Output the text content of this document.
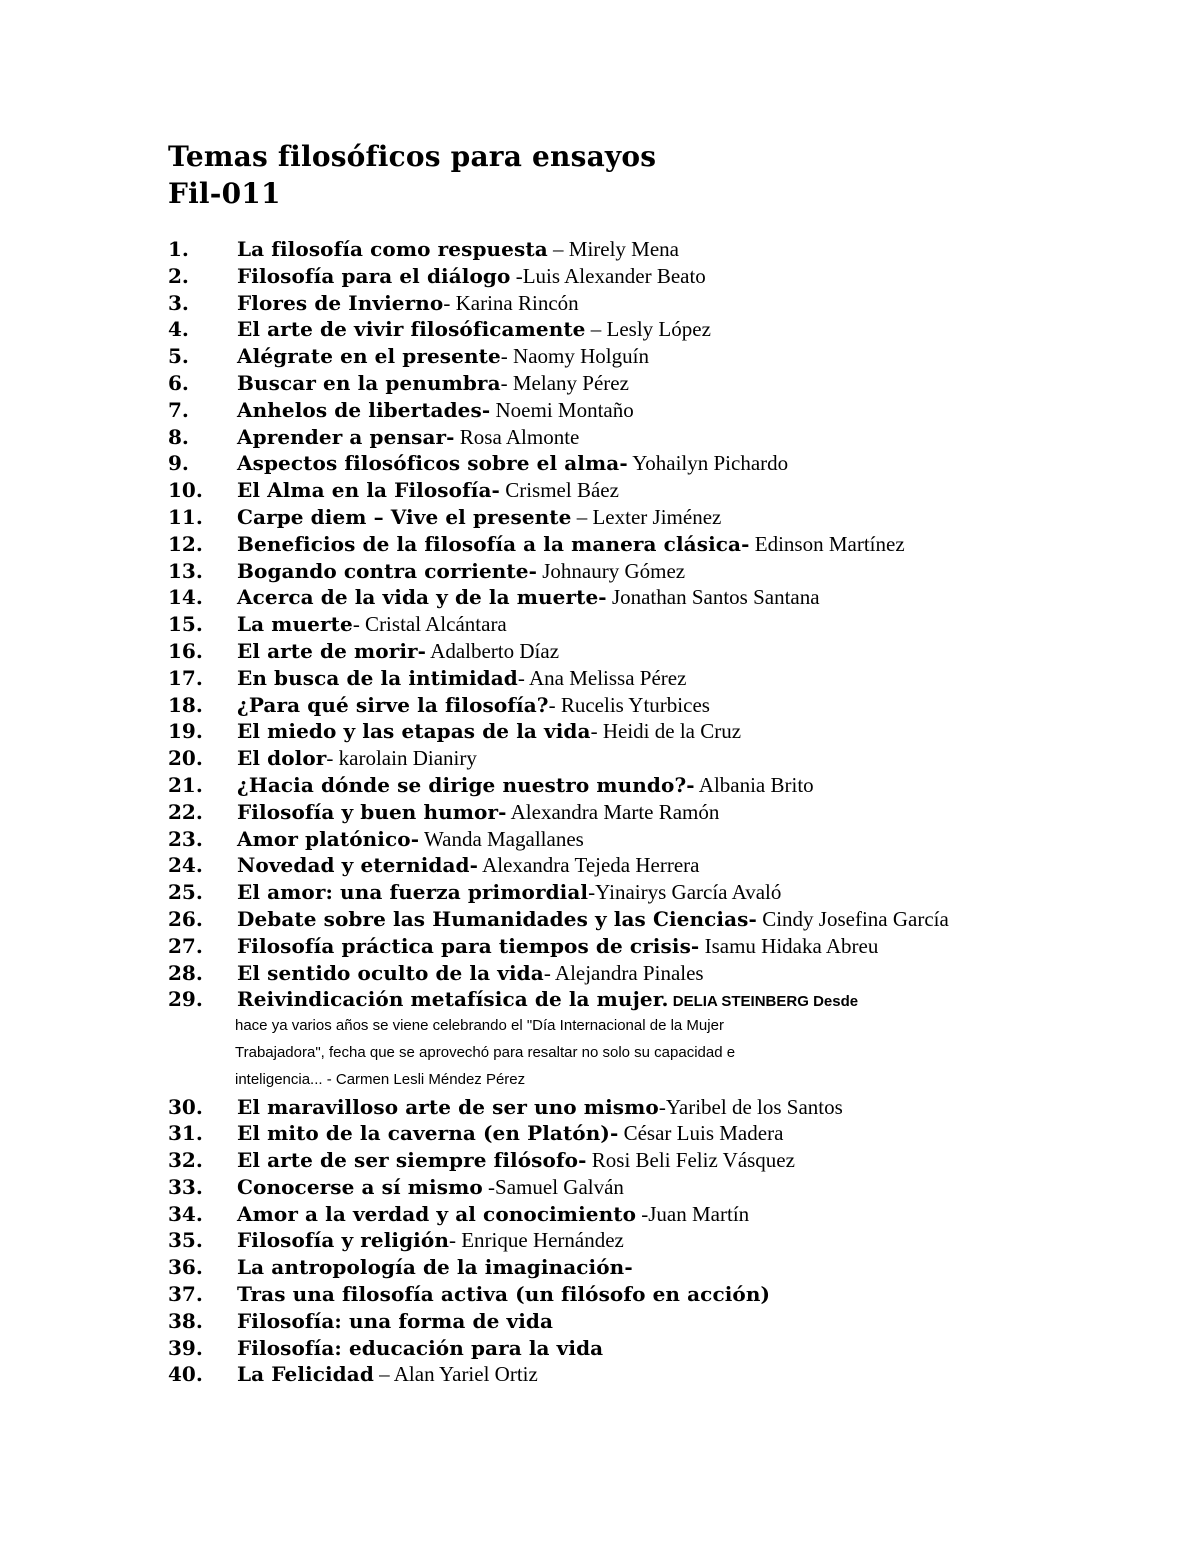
Temas filosóficos para ensayos
Fil-011
1. La filosofía como respuesta – Mirely Mena
2. Filosofía para el diálogo -Luis Alexander Beato
3. Flores de Invierno- Karina Rincón
4. El arte de vivir filosóficamente – Lesly López
5. Alégrate en el presente- Naomy Holguín
6. Buscar en la penumbra- Melany Pérez
7. Anhelos de libertades- Noemi Montaño
8. Aprender a pensar- Rosa Almonte
9. Aspectos filosóficos sobre el alma- Yohailyn Pichardo
10. El Alma en la Filosofía- Crismel Báez
11. Carpe diem – Vive el presente – Lexter Jiménez
12. Beneficios de la filosofía a la manera clásica- Edinson Martínez
13. Bogando contra corriente- Johnaury Gómez
14. Acerca de la vida y de la muerte- Jonathan Santos Santana
15. La muerte- Cristal Alcántara
16. El arte de morir- Adalberto Díaz
17. En busca de la intimidad- Ana Melissa Pérez
18. ¿Para qué sirve la filosofía?- Rucelis Yturbices
19. El miedo y las etapas de la vida- Heidi de la Cruz
20. El dolor- karolain Dianiry
21. ¿Hacia dónde se dirige nuestro mundo?- Albania Brito
22. Filosofía y buen humor- Alexandra Marte Ramón
23. Amor platónico- Wanda Magallanes
24. Novedad y eternidad- Alexandra Tejeda Herrera
25. El amor: una fuerza primordial-Yinairys García Avaló
26. Debate sobre las Humanidades y las Ciencias- Cindy Josefina García
27. Filosofía práctica para tiempos de crisis- Isamu Hidaka Abreu
28. El sentido oculto de la vida- Alejandra Pinales
29. Reivindicación metafísica de la mujer. DELIA STEINBERG Desde
hace ya varios años se viene celebrando el "Día Internacional de la Mujer
Trabajadora", fecha que se aprovechó para resaltar no solo su capacidad e
inteligencia... - Carmen Lesli Méndez Pérez
30. El maravilloso arte de ser uno mismo-Yaribel de los Santos
31. El mito de la caverna (en Platón)- César Luis Madera
32. El arte de ser siempre filósofo- Rosi Beli Feliz Vásquez
33. Conocerse a sí mismo -Samuel Galván
34. Amor a la verdad y al conocimiento -Juan Martín
35. Filosofía y religión- Enrique Hernández
36. La antropología de la imaginación-
37. Tras una filosofía activa (un filósofo en acción)
38. Filosofía: una forma de vida
39. Filosofía: educación para la vida
40. La Felicidad – Alan Yariel Ortiz
